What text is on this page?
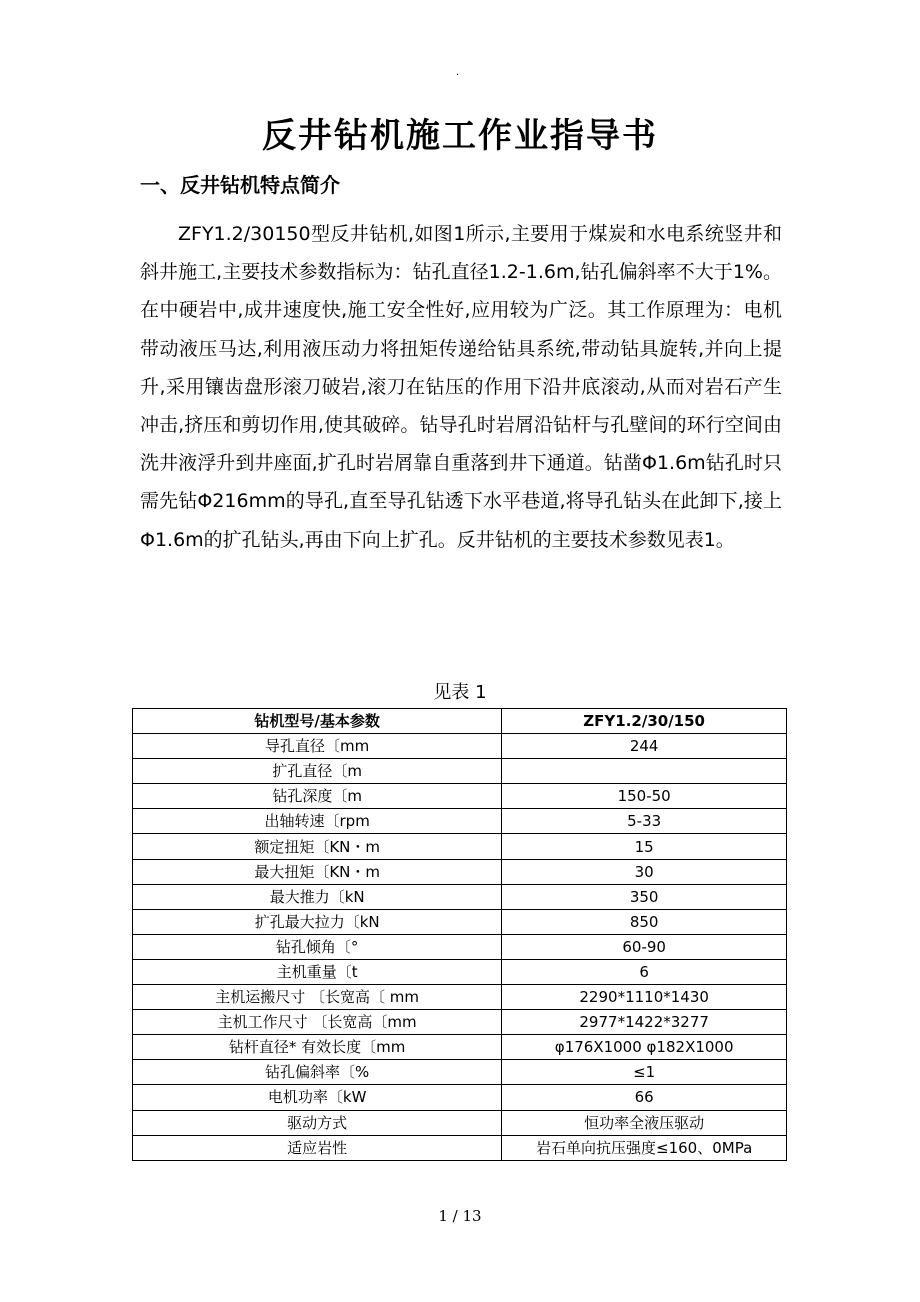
.
反井钻机施工作业指导书
一、反井钻机特点简介

ZFY1.2/30150型反井钻机,如图1所示,主要用于煤炭和水电系统竖井和斜井施工,主要技术参数指标为：钻孔直径1.2-1.6m,钻孔偏斜率不大于1%。在中硬岩中,成井速度快,施工安全性好,应用较为广泛。其工作原理为：电机带动液压马达,利用液压动力将扭矩传递给钻具系统,带动钻具旋转,并向上提升,采用镶齿盘形滚刀破岩,滚刀在钻压的作用下沿井底滚动,从而对岩石产生冲击,挤压和剪切作用,使其破碎。钻导孔时岩屑沿钻杆与孔壁间的环行空间由洗井液浮升到井座面,扩孔时岩屑靠自重落到井下通道。钻凿Φ1.6m钻孔时只需先钻Φ216mm的导孔,直至导孔钻透下水平巷道,将导孔钻头在此卸下,接上Φ1.6m的扩孔钻头,再由下向上扩孔。反井钻机的主要技术参数见表1。

见表 1
钻机型号/基本参数	ZFY1.2/30/150
导孔直径〔mm	244
扩孔直径〔m	
钻孔深度〔m	150-50
出轴转速〔rpm	5-33
额定扭矩〔KN・m	15
最大扭矩〔KN・m	30
最大推力〔kN	350
扩孔最大拉力〔kN	850
钻孔倾角〔°	60-90
主机重量〔t	6
主机运搬尺寸 〔长宽高〔 mm	2290*1110*1430
主机工作尺寸 〔长宽高〔mm	2977*1422*3277
钻杆直径* 有效长度〔mm	φ176X1000 φ182X1000
钻孔偏斜率〔%	≤1
电机功率〔kW	66
驱动方式	恒功率全液压驱动
适应岩性	岩石单向抗压强度≤160、0MPa
1 / 13
